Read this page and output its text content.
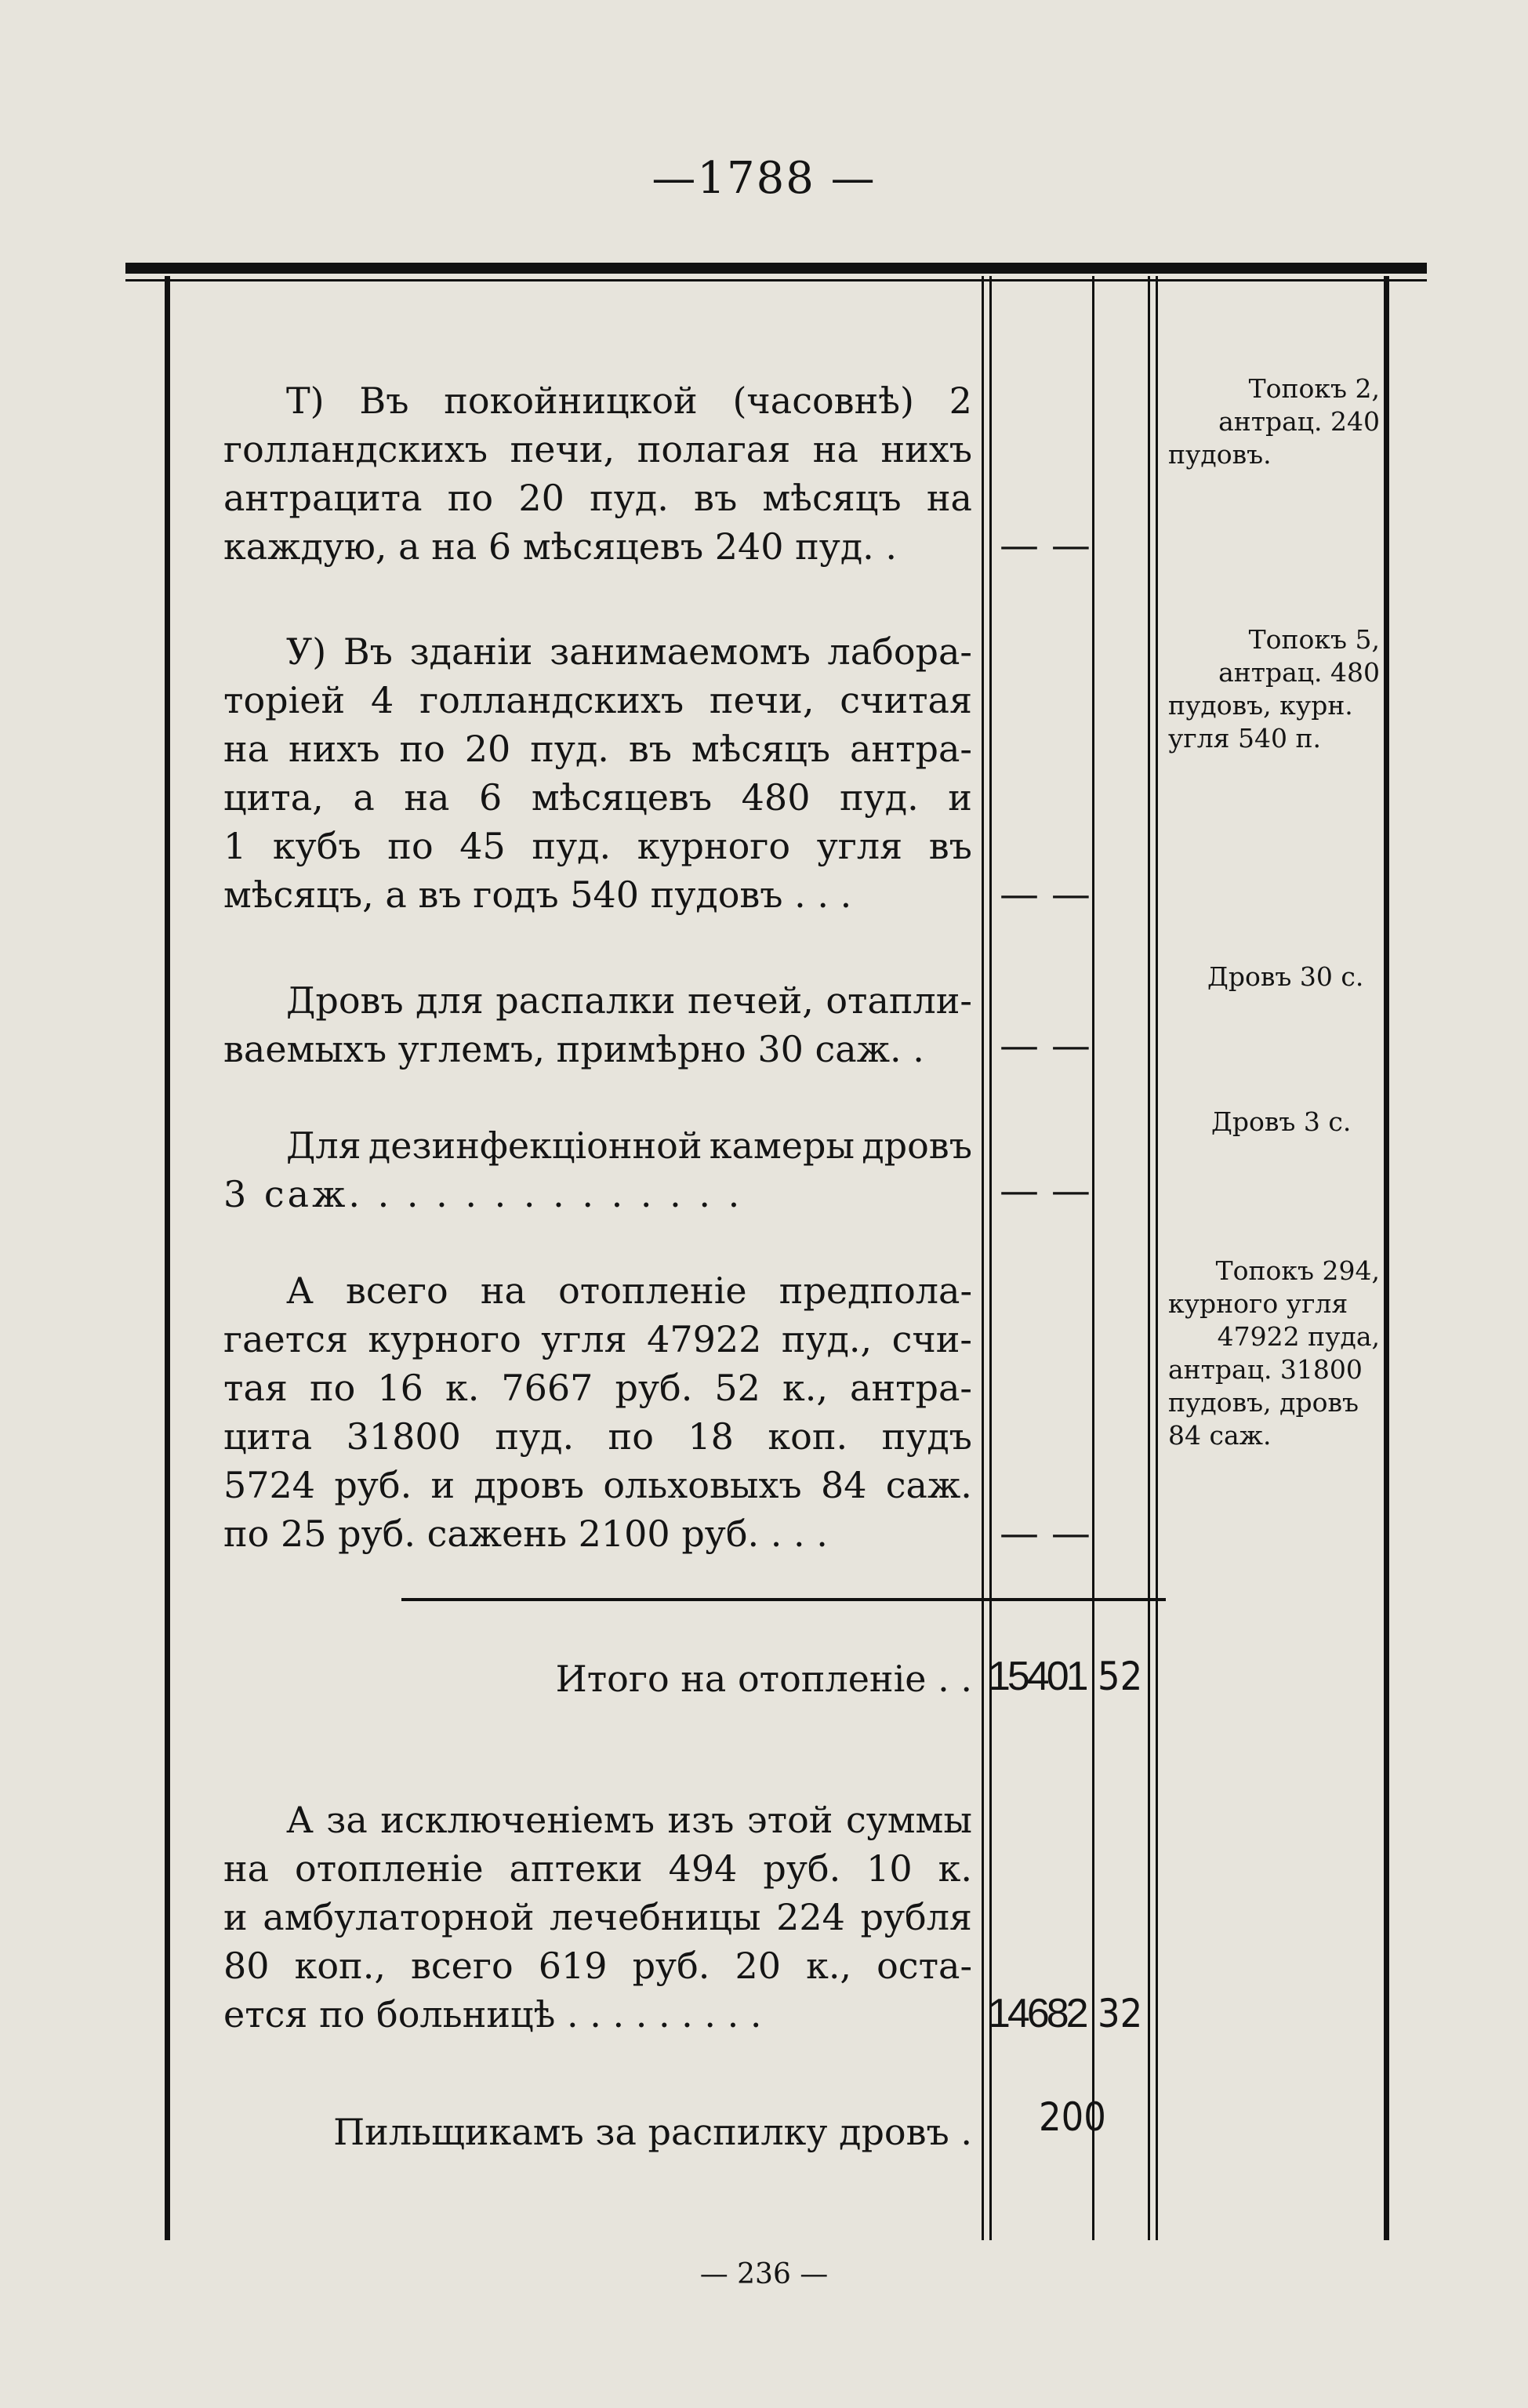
—1788 —
Т) Въ покойницкой (часовнѣ) 2
голландскихъ печи, полагая на нихъ
антрацита по 20 пуд. въ мѣсяцъ на
каждую, а на 6 мѣсяцевъ 240 пуд. .	— —
Топокъ 2,
антрац. 240
пудовъ.
У) Въ зданіи занимаемомъ лабора-
торіей 4 голландскихъ печи, считая
на нихъ по 20 пуд. въ мѣсяцъ антра-
цита, а на 6 мѣсяцевъ 480 пуд. и
1 кубъ по 45 пуд. курного угля въ
мѣсяцъ, а въ годъ 540 пудовъ . . .	— —
Топокъ 5,
антрац. 480
пудовъ, курн.
угля 540 п.
Дровъ для распалки печей, отапли-
ваемыхъ углемъ, примѣрно 30 саж. .	— —
Дровъ 30 с.
Для дезинфекціонной камеры дровъ
3 саж. . . . . . . . . . . . . .	— —
Дровъ 3 с.
А всего на отопленіе предпола-
гается курного угля 47922 пуд., счи-
тая по 16 к. 7667 руб. 52 к., антра-
цита 31800 пуд. по 18 коп. пудъ
5724 руб. и дровъ ольховыхъ 84 саж.
по 25 руб. сажень 2100 руб. . . .	— —
Топокъ 294,
курного угля
47922 пуда,
антрац. 31800
пудовъ, дровъ
84 саж.
Итого на отопленіе . . 15401 52
А за исключеніемъ изъ этой суммы
на отопленіе аптеки 494 руб. 10 к.
и амбулаторной лечебницы 224 рубля
80 коп., всего 619 руб. 20 к., оста-
ется по больницѣ . . . . . . . . .	14682 32
Пильщикамъ за распилку дровъ . 200
— 236 —
